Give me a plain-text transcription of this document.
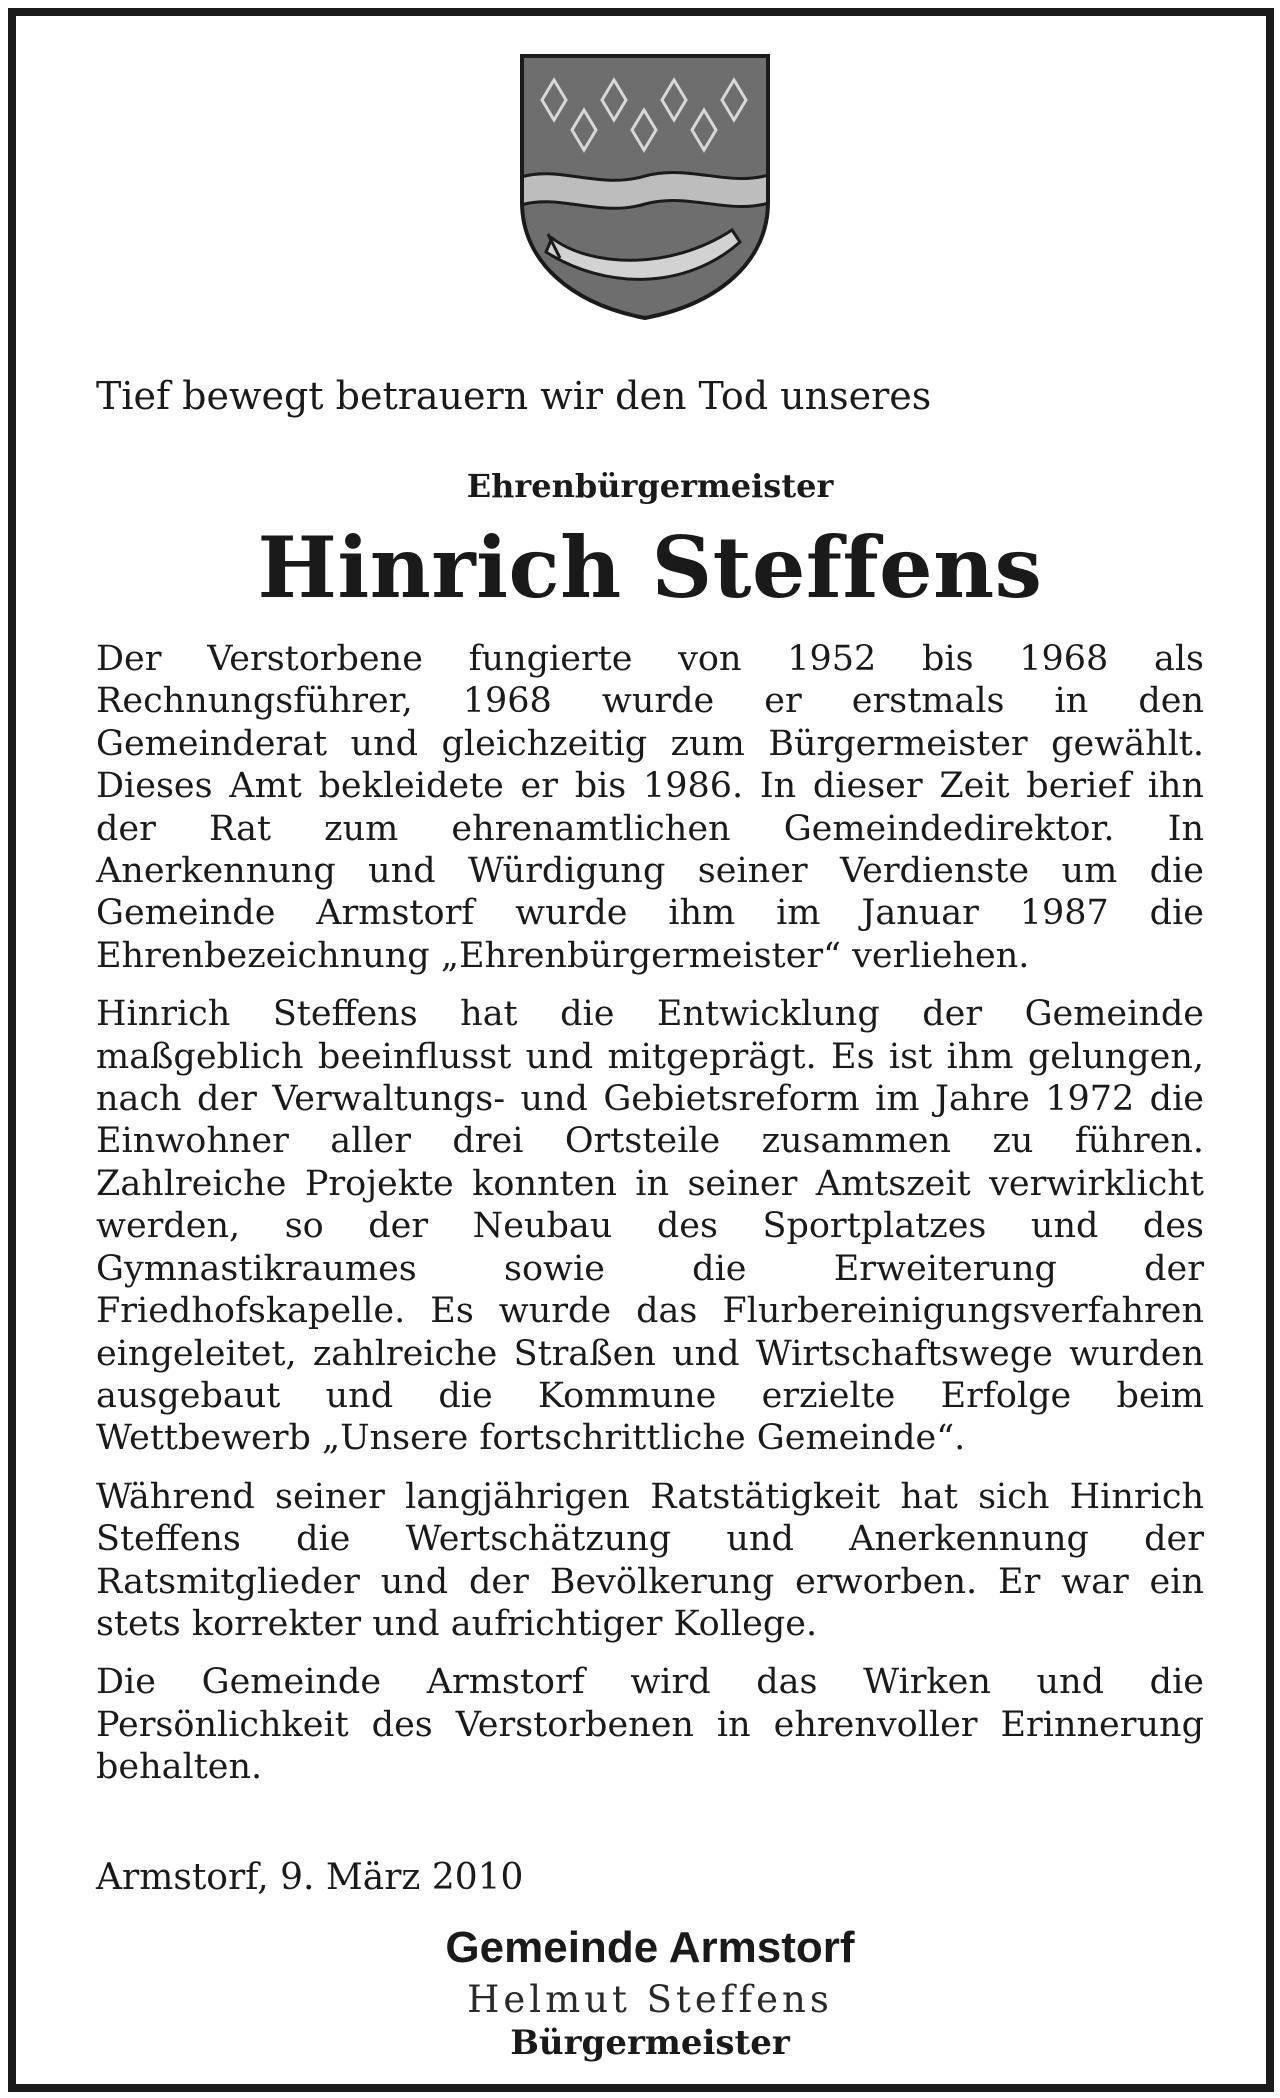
Tief bewegt betrauern wir den Tod unseres
Ehrenbürgermeister
Hinrich Steffens

Der Verstorbene fungierte von 1952 bis 1968 als Rechnungsführer, 1968 wurde er erstmals in den Gemeinderat und gleichzeitig zum Bürgermeister gewählt. Dieses Amt bekleidete er bis 1986. In dieser Zeit berief ihn der Rat zum ehrenamtlichen Gemeindedirektor. In Anerkennung und Würdigung seiner Verdienste um die Gemeinde Armstorf wurde ihm im Januar 1987 die Ehrenbezeichnung „Ehrenbürgermeister“ verliehen.

Hinrich Steffens hat die Entwicklung der Gemeinde maßgeblich beeinflusst und mitgeprägt. Es ist ihm gelungen, nach der Verwaltungs- und Gebietsreform im Jahre 1972 die Einwohner aller drei Ortsteile zusammen zu führen. Zahlreiche Projekte konnten in seiner Amtszeit verwirklicht werden, so der Neubau des Sportplatzes und des Gymnastikraumes sowie die Erweiterung der Friedhofskapelle. Es wurde das Flurbereinigungsverfahren eingeleitet, zahlreiche Straßen und Wirtschaftswege wurden ausgebaut und die Kommune erzielte Erfolge beim Wettbewerb „Unsere fortschrittliche Gemeinde“.

Während seiner langjährigen Ratstätigkeit hat sich Hinrich Steffens die Wertschätzung und Anerkennung der Ratsmitglieder und der Bevölkerung erworben. Er war ein stets korrekter und aufrichtiger Kollege.

Die Gemeinde Armstorf wird das Wirken und die Persönlichkeit des Verstorbenen in ehrenvoller Erinnerung behalten.

Armstorf, 9. März 2010
Gemeinde Armstorf
Helmut Steffens
Bürgermeister
